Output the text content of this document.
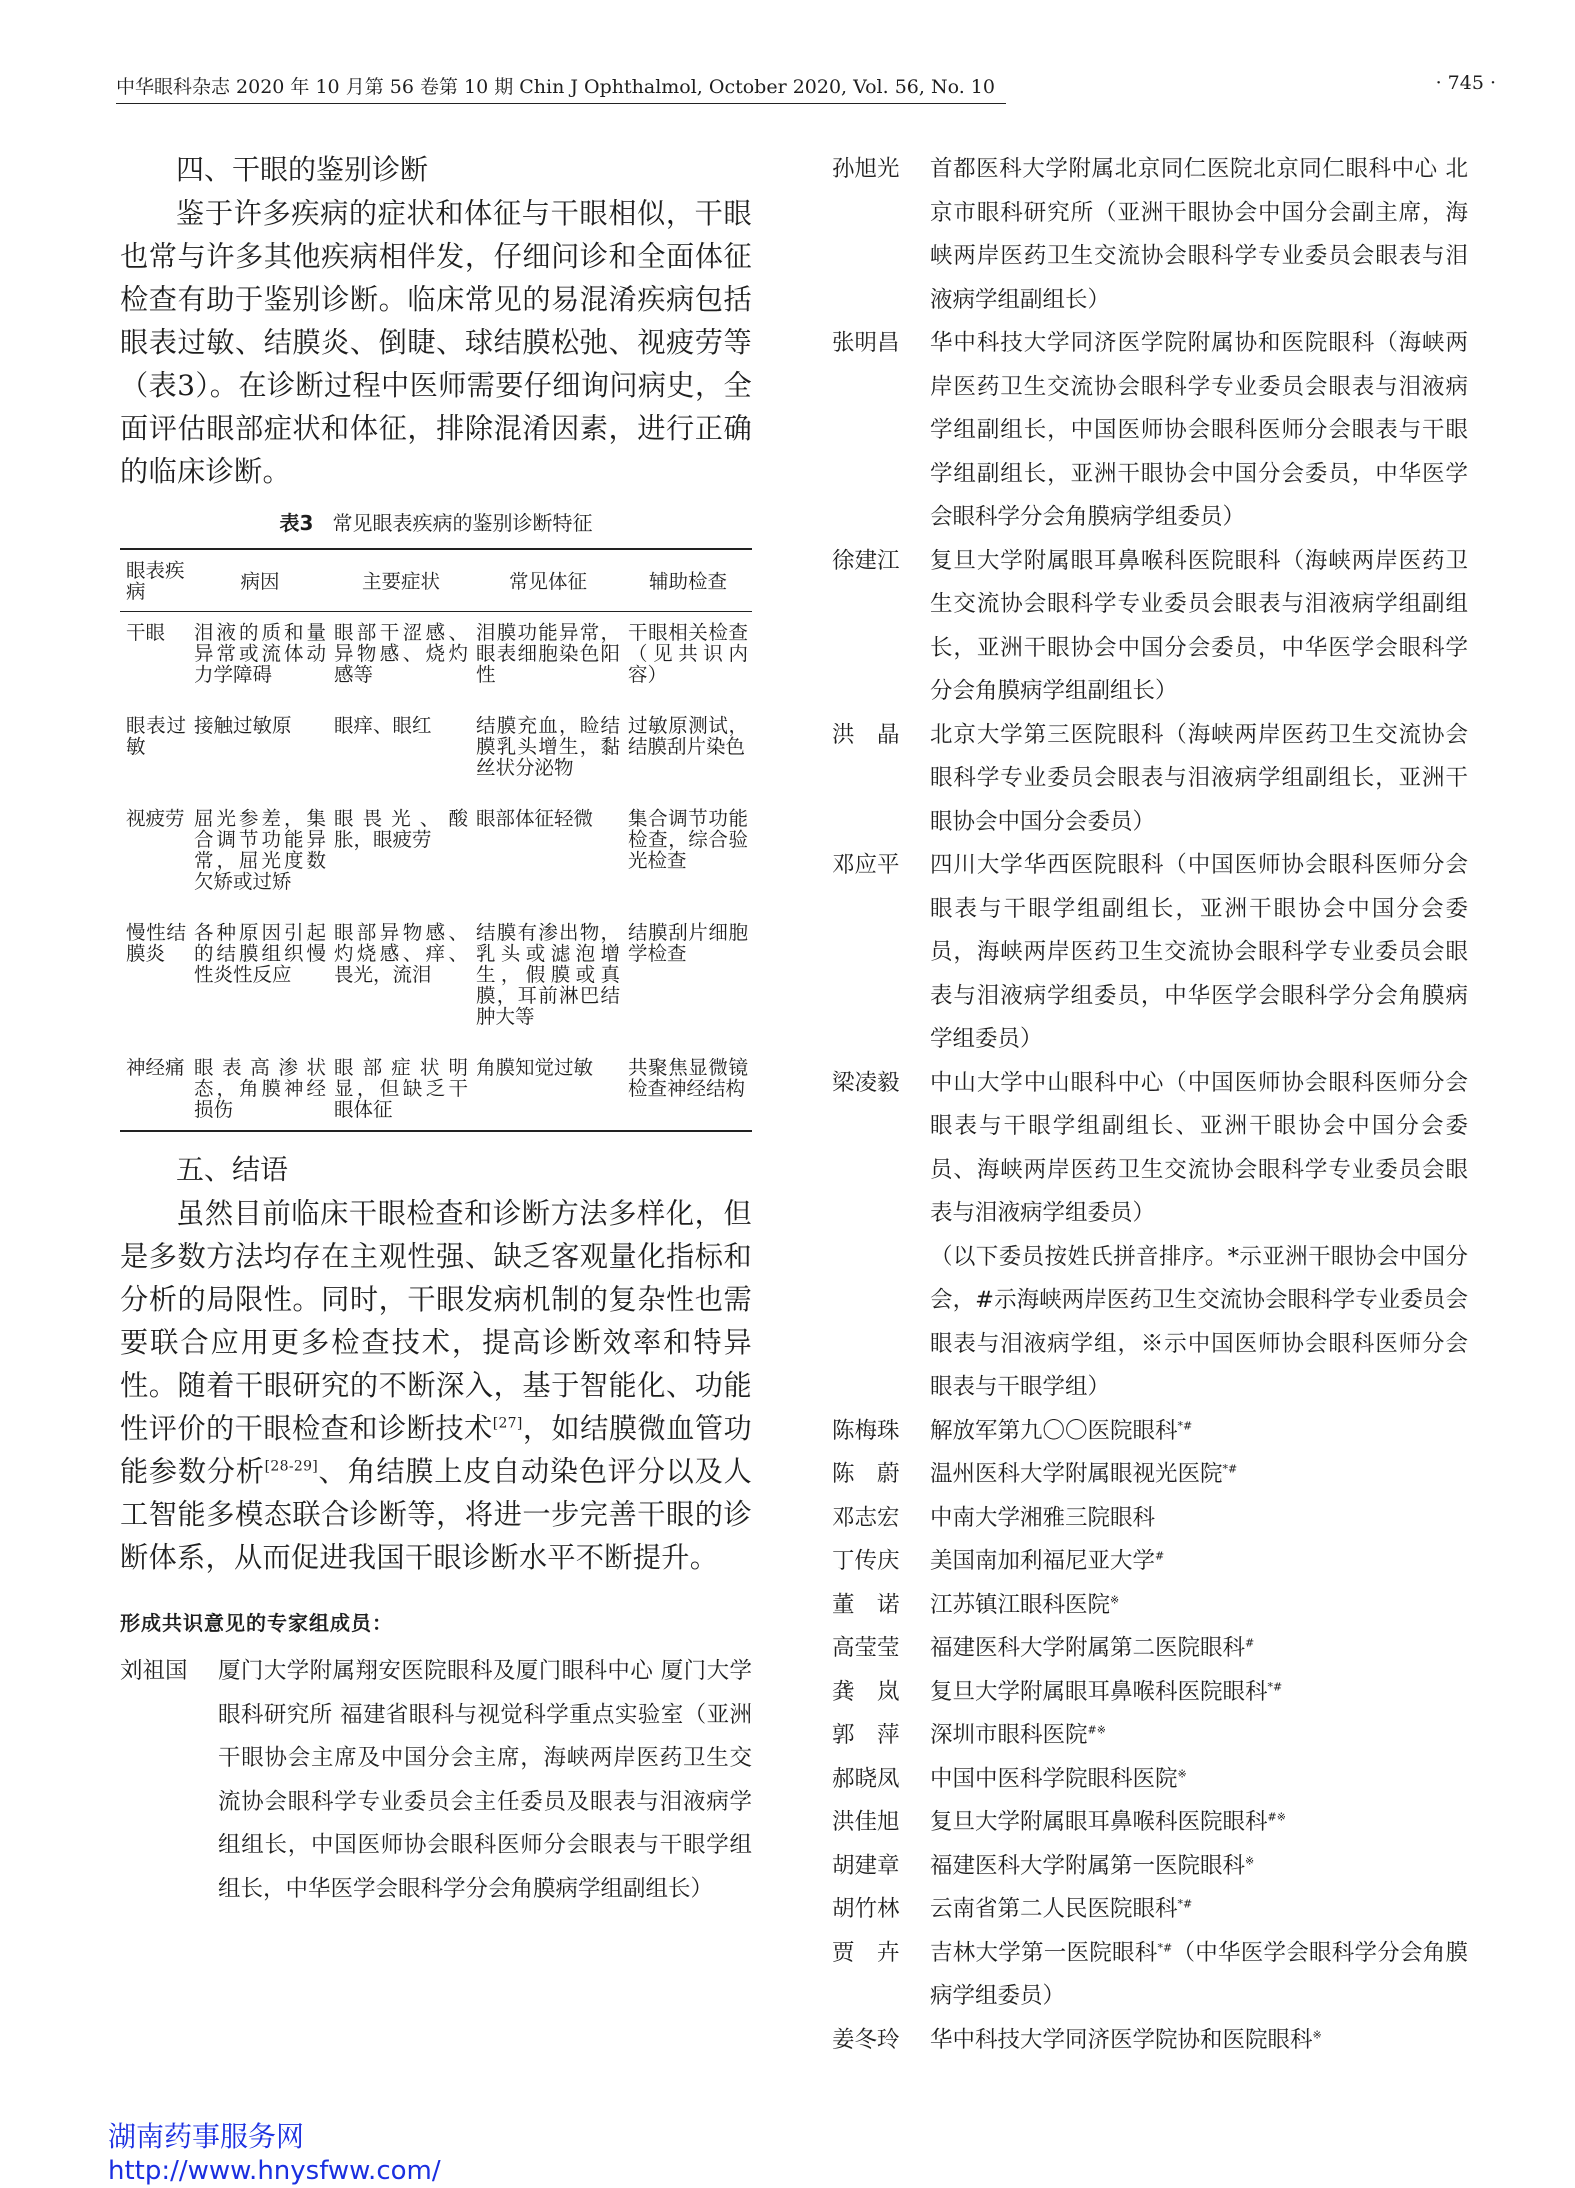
中华眼科杂志 2020 年 10 月第 56 卷第 10 期 Chin J Ophthalmol, October 2020, Vol. 56, No. 10	· 745 ·
四、干眼的鉴别诊断

鉴于许多疾病的症状和体征与干眼相似，干眼也常与许多其他疾病相伴发，仔细问诊和全面体征检查有助于鉴别诊断。临床常见的易混淆疾病包括眼表过敏、结膜炎、倒睫、球结膜松弛、视疲劳等（表3）。在诊断过程中医师需要仔细询问病史，全面评估眼部症状和体征，排除混淆因素，进行正确的临床诊断。

表3 常见眼表疾病的鉴别诊断特征
眼表疾病	病因	主要症状	常见体征	辅助检查
干眼	泪液的质和量异常或流体动力学障碍	眼部干涩感、异物感、烧灼感等	泪膜功能异常，眼表细胞染色阳性	干眼相关检查（见共识内容）
眼表过敏	接触过敏原	眼痒、眼红	结膜充血，睑结膜乳头增生，黏丝状分泌物	过敏原测试，结膜刮片染色
视疲劳	屈光参差，集合调节功能异常，屈光度数欠矫或过矫	眼畏光、酸胀，眼疲劳	眼部体征轻微	集合调节功能检查，综合验光检查
慢性结膜炎	各种原因引起的结膜组织慢性炎性反应	眼部异物感、灼烧感、痒、畏光，流泪	结膜有渗出物，乳头或滤泡增生，假膜或真膜，耳前淋巴结肿大等	结膜刮片细胞学检查
神经痛	眼表高渗状态，角膜神经损伤	眼部症状明显，但缺乏干眼体征	角膜知觉过敏	共聚焦显微镜检查神经结构
五、结语

虽然目前临床干眼检查和诊断方法多样化，但是多数方法均存在主观性强、缺乏客观量化指标和分析的局限性。同时，干眼发病机制的复杂性也需要联合应用更多检查技术，提高诊断效率和特异性。随着干眼研究的不断深入，基于智能化、功能性评价的干眼检查和诊断技术[27]，如结膜微血管功能参数分析[28-29]、角结膜上皮自动染色评分以及人工智能多模态联合诊断等，将进一步完善干眼的诊断体系，从而促进我国干眼诊断水平不断提升。

形成共识意见的专家组成员：
刘祖国	厦门大学附属翔安医院眼科及厦门眼科中心 厦门大学眼科研究所 福建省眼科与视觉科学重点实验室（亚洲干眼协会主席及中国分会主席，海峡两岸医药卫生交流协会眼科学专业委员会主任委员及眼表与泪液病学组组长，中国医师协会眼科医师分会眼表与干眼学组组长，中华医学会眼科学分会角膜病学组副组长）
孙旭光	首都医科大学附属北京同仁医院北京同仁眼科中心 北京市眼科研究所（亚洲干眼协会中国分会副主席，海峡两岸医药卫生交流协会眼科学专业委员会眼表与泪液病学组副组长）
张明昌	华中科技大学同济医学院附属协和医院眼科（海峡两岸医药卫生交流协会眼科学专业委员会眼表与泪液病学组副组长，中国医师协会眼科医师分会眼表与干眼学组副组长，亚洲干眼协会中国分会委员，中华医学会眼科学分会角膜病学组委员）
徐建江	复旦大学附属眼耳鼻喉科医院眼科（海峡两岸医药卫生交流协会眼科学专业委员会眼表与泪液病学组副组长，亚洲干眼协会中国分会委员，中华医学会眼科学分会角膜病学组副组长）
洪　晶	北京大学第三医院眼科（海峡两岸医药卫生交流协会眼科学专业委员会眼表与泪液病学组副组长，亚洲干眼协会中国分会委员）
邓应平	四川大学华西医院眼科（中国医师协会眼科医师分会眼表与干眼学组副组长，亚洲干眼协会中国分会委员，海峡两岸医药卫生交流协会眼科学专业委员会眼表与泪液病学组委员，中华医学会眼科学分会角膜病学组委员）
梁凌毅	中山大学中山眼科中心（中国医师协会眼科医师分会眼表与干眼学组副组长、亚洲干眼协会中国分会委员、海峡两岸医药卫生交流协会眼科学专业委员会眼表与泪液病学组委员）
（以下委员按姓氏拼音排序。*示亚洲干眼协会中国分会，#示海峡两岸医药卫生交流协会眼科学专业委员会眼表与泪液病学组，※示中国医师协会眼科医师分会眼表与干眼学组）
陈梅珠	解放军第九〇〇医院眼科*#
陈　蔚	温州医科大学附属眼视光医院*#
邓志宏	中南大学湘雅三院眼科
丁传庆	美国南加利福尼亚大学#
董　诺	江苏镇江眼科医院※
高莹莹	福建医科大学附属第二医院眼科#
龚　岚	复旦大学附属眼耳鼻喉科医院眼科*#
郭　萍	深圳市眼科医院#※
郝晓凤	中国中医科学院眼科医院※
洪佳旭	复旦大学附属眼耳鼻喉科医院眼科#※
胡建章	福建医科大学附属第一医院眼科※
胡竹林	云南省第二人民医院眼科*#
贾　卉	吉林大学第一医院眼科*#（中华医学会眼科学分会角膜病学组委员）
姜冬玲	华中科技大学同济医学院协和医院眼科※
湖南药事服务网
http://www.hnysfww.com/
